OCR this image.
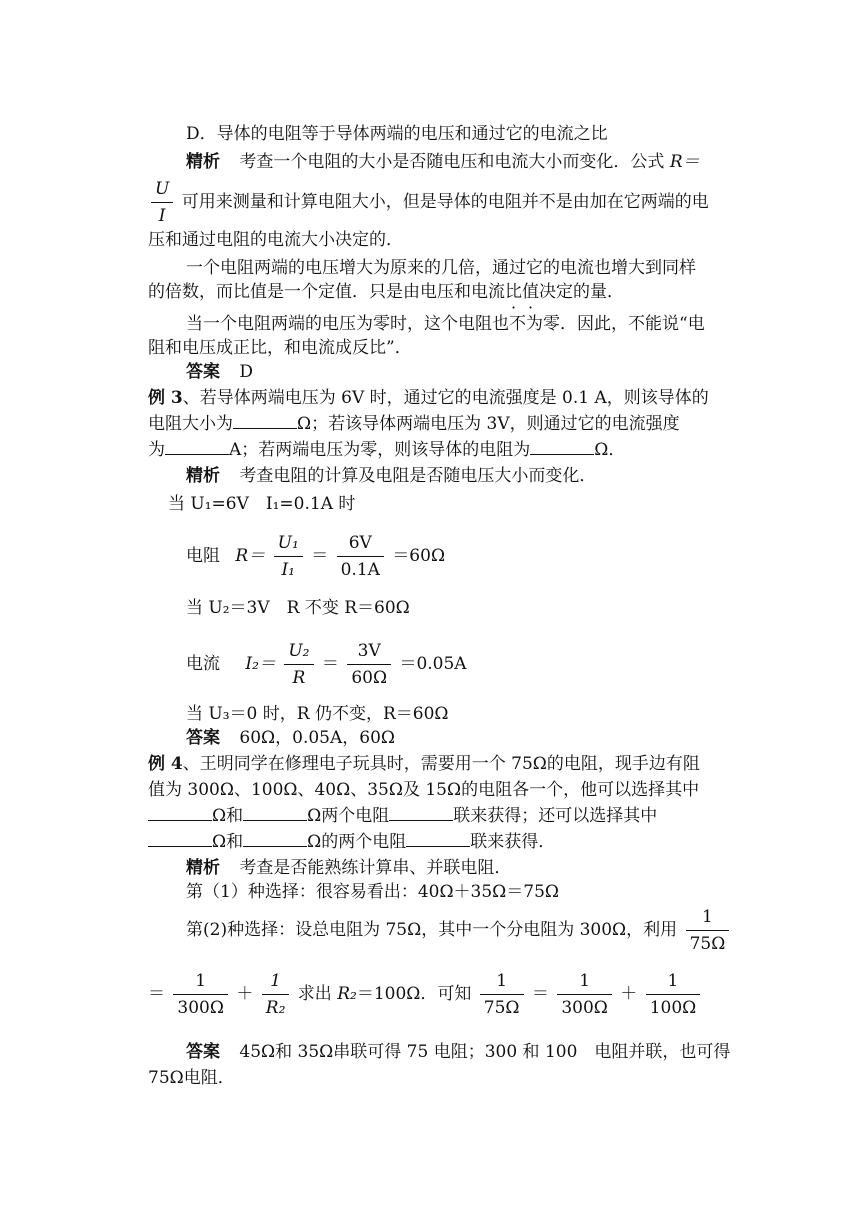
D．导体的电阻等于导体两端的电压和通过它的电流之比
精析 考查一个电阻的大小是否随电压和电流大小而变化．公式 R＝
$\frac{U}{I}$ 可用来测量和计算电阻大小，但是导体的电阻并不是由加在它两端的电
压和通过电阻的电流大小决定的．
一个电阻两端的电压增大为原来的几倍，通过它的电流也增大到同样
的倍数，而比值是一个定值．只是由电压和电流比值决定的量．
当一个电阻两端的电压为零时，这个电阻也不为零．因此，不能说“电
阻和电压成正比，和电流成反比”．
答案 D
例 3、若导体两端电压为 6V 时，通过它的电流强度是 0.1 A，则该导体的
电阻大小为	Ω；若该导体两端电压为 3V，则通过它的电流强度
为	A；若两端电压为零，则该导体的电阻为	Ω．
精析 考查电阻的计算及电阻是否随电压大小而变化．
当 U₁=6V　I₁=0.1A 时
电阻 $R= \frac{\text{U₁}}{\text{I₁}} = \frac{6V}{0.1A} =60\Omega$
当 U₂＝3V　R 不变 R＝60Ω
电流 $I_2= \frac{\text{U₂}}{R} = \frac{3V}{60\Omega} =0.05A$
当 U₃＝0 时，R 仍不变，R＝60Ω
答案 60Ω，0.05A，60Ω
例 4、王明同学在修理电子玩具时，需要用一个 75Ω的电阻，现手边有阻
值为 300Ω、100Ω、40Ω、35Ω及 15Ω的电阻各一个，他可以选择其中
Ω和	Ω两个电阻	联来获得；还可以选择其中
Ω和	Ω的两个电阻	联来获得．
精析 考查是否能熟练计算串、并联电阻．
第（1）种选择：很容易看出：40Ω＋35Ω＝75Ω
第(2)种选择：设总电阻为 75Ω，其中一个分电阻为 300Ω，利用 $\frac{1}{75\Omega}$
＝ $\frac{1}{300\Omega} + \frac{1}{\text{R₂}}$ 求出 R₂＝100Ω．可知 $\frac{1}{75\Omega} = \frac{1}{300\Omega} + \frac{1}{100\Omega}$
答案 45Ω和 35Ω串联可得 75 电阻；300 和 100　电阻并联，也可得
75Ω电阻．
